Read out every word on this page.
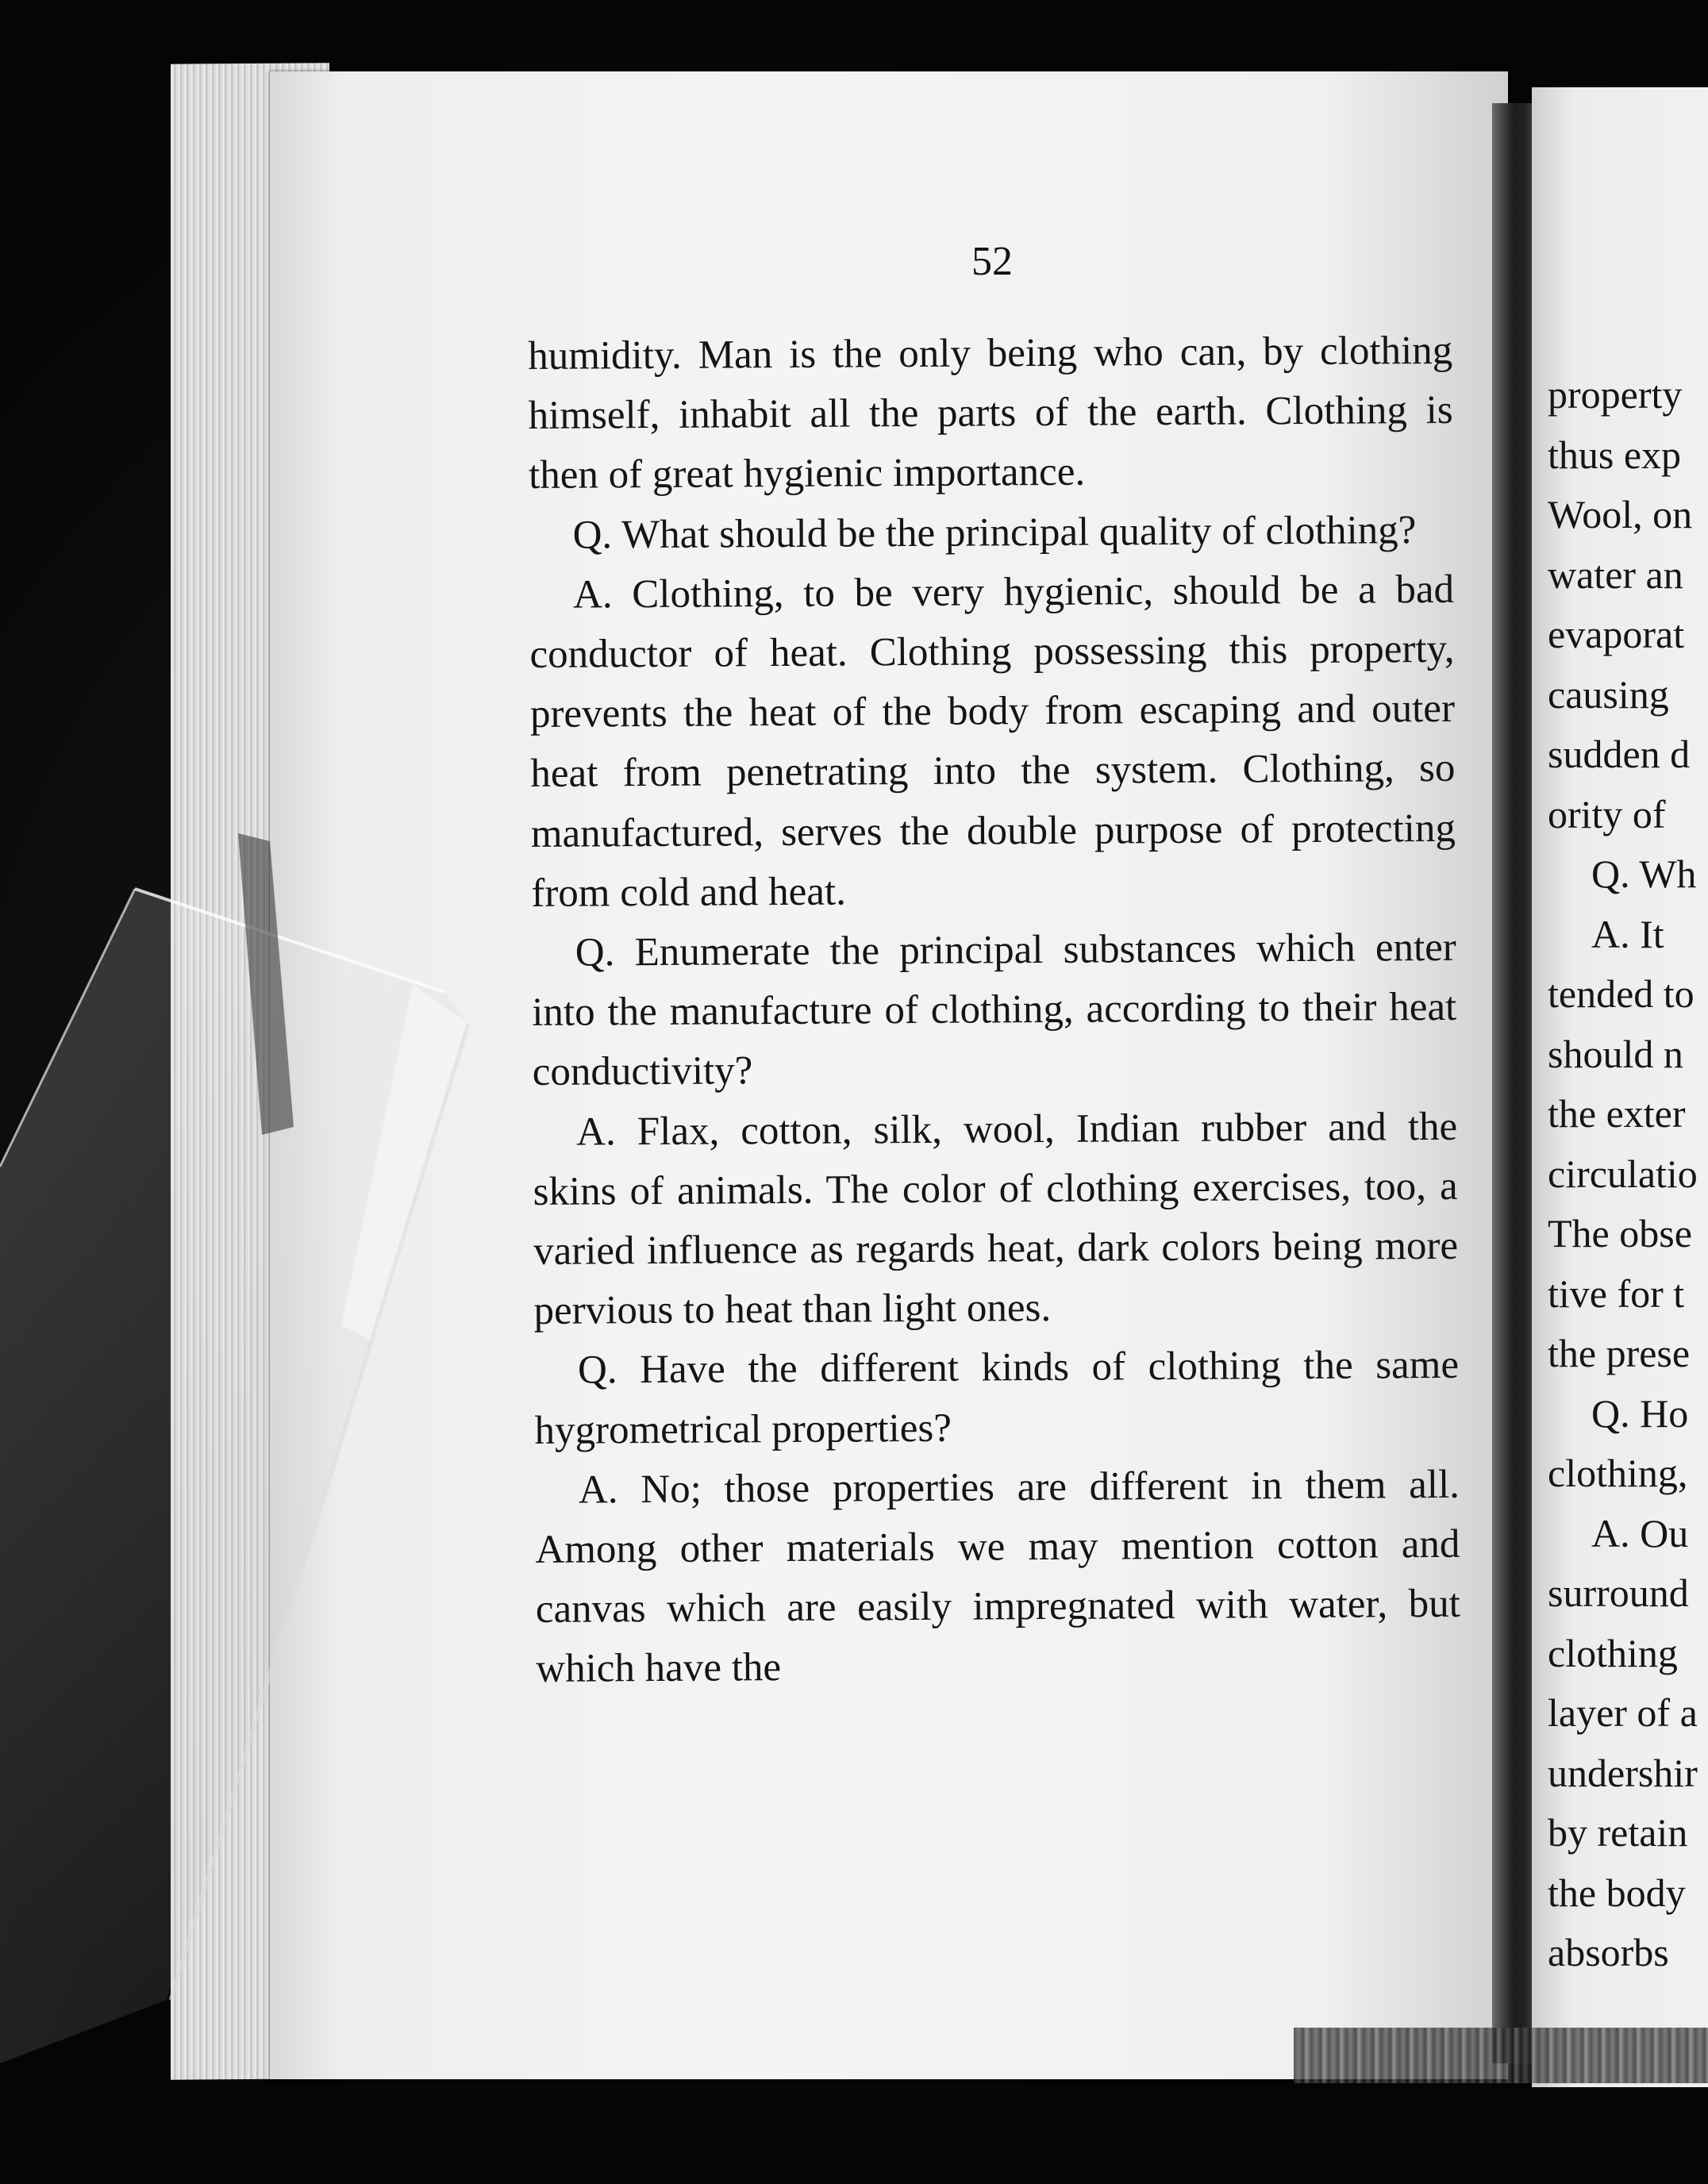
52

humidity. Man is the only being who can, by clothing himself, inhabit all the parts of the earth. Clothing is then of great hygienic importance.

Q. What should be the principal quality of clothing?

A. Clothing, to be very hygienic, should be a bad conductor of heat. Clothing possessing this property, prevents the heat of the body from escaping and outer heat from penetrating into the system. Clothing, so manufactured, serves the double purpose of protecting from cold and heat.

Q. Enumerate the principal substances which enter into the manufacture of clothing, according to their heat conductivity?

A. Flax, cotton, silk, wool, Indian rubber and the skins of animals. The color of clothing exercises, too, a varied influence as regards heat, dark colors being more pervious to heat than light ones.

Q. Have the different kinds of clothing the same hygrometrical properties?

A. No; those properties are different in them all. Among other materials we may mention cotton and canvas which are easily impregnated with water, but which have the

property
thus exp
Wool, on
water an
evaporat
causing
sudden d
ority of
Q. Wh
A. It
tended to
should n
the exter
circulatio
The obse
tive for t
the prese
Q. Ho
clothing,
A. Ou
surround
clothing
layer of a
undershir
by retain
the body
absorbs
